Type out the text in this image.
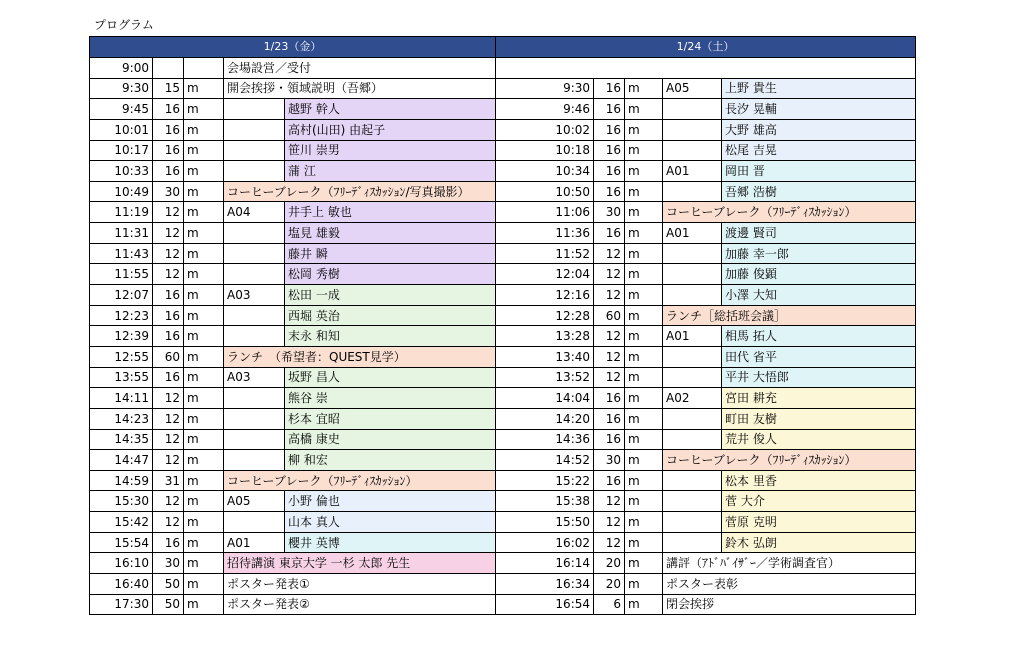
プログラム
1/23（金）					1/24（土）				
9:00			会場設営／受付						
9:30	15	m	開会挨拶・領域説明（吾郷）		9:30	16	m	A05	上野 貴生
9:45	16	m		越野 幹人	9:46	16	m		長汐 晃輔
10:01	16	m		高村(山田) 由起子	10:02	16	m		大野 雄高
10:17	16	m		笹川 崇男	10:18	16	m		松尾 吉晃
10:33	16	m		蒲 江	10:34	16	m	A01	岡田 晋
10:49	30	m	コーヒーブレーク（ﾌﾘｰﾃﾞｨｽｶｯｼｮﾝ/写真撮影）		10:50	16	m		吾郷 浩樹
11:19	12	m	A04	井手上 敏也	11:06	30	m	コーヒーブレーク（ﾌﾘｰﾃﾞｨｽｶｯｼｮﾝ）	
11:31	12	m		塩見 雄毅	11:36	16	m	A01	渡邊 賢司
11:43	12	m		藤井 瞬	11:52	12	m		加藤 幸一郎
11:55	12	m		松岡 秀樹	12:04	12	m		加藤 俊顕
12:07	16	m	A03	松田 一成	12:16	12	m		小澤 大知
12:23	16	m		西堀 英治	12:28	60	m	ランチ［総括班会議］	
12:39	16	m		末永 和知	13:28	12	m	A01	相馬 拓人
12:55	60	m	ランチ　（希望者：QUEST見学）		13:40	12	m		田代 省平
13:55	16	m	A03	坂野 昌人	13:52	12	m		平井 大悟郎
14:11	12	m		熊谷 崇	14:04	16	m	A02	宮田 耕充
14:23	12	m		杉本 宜昭	14:20	16	m		町田 友樹
14:35	12	m		高橋 康史	14:36	16	m		荒井 俊人
14:47	12	m		柳 和宏	14:52	30	m	コーヒーブレーク（ﾌﾘｰﾃﾞｨｽｶｯｼｮﾝ）	
14:59	31	m	コーヒーブレーク（ﾌﾘｰﾃﾞｨｽｶｯｼｮﾝ）		15:22	16	m		松本 里香
15:30	12	m	A05	小野 倫也	15:38	12	m		菅 大介
15:42	12	m		山本 真人	15:50	12	m		菅原 克明
15:54	16	m	A01	櫻井 英博	16:02	12	m		鈴木 弘朗
16:10	30	m	招待講演 東京大学 一杉 太郎 先生		16:14	20	m	講評（ｱﾄﾞﾊﾞｲｻﾞｰ／学術調査官）	
16:40	50	m	ポスター発表①		16:34	20	m	ポスター表彰	
17:30	50	m	ポスター発表②		16:54	6	m	閉会挨拶	
